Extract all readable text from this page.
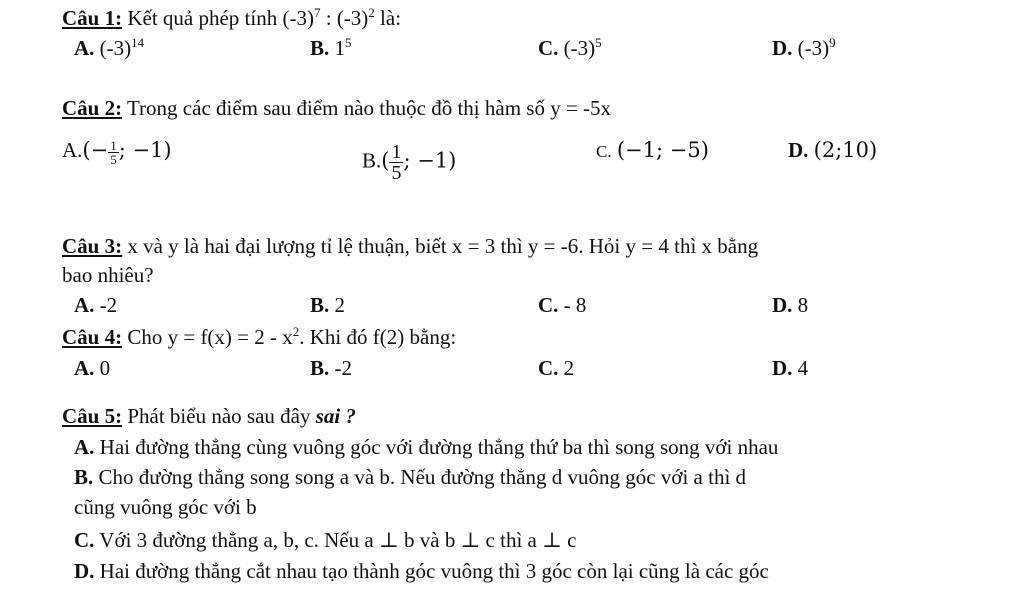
Câu 1: Kết quả phép tính $(-3)^7$ : $(-3)^2$ là:
A. $(-3)^{14}$	B. $1^5$	C. $(-3)^5$	D. $(-3)^9$
Câu 2: Trong các điểm sau điểm nào thuộc đồ thị hàm số y = -5x
$A.(- \frac{1}{5}$ ; −1)	$B.( \frac{1}{5}$ ; −1)	C. (−1; −5)	D. (2;10)
Câu 3: x và y là hai đại lượng tỉ lệ thuận, biết x = 3 thì y = -6. Hỏi y = 4 thì x bằng
bao nhiêu?
A. -2	B. 2	C. - 8	D. 8
Câu 4: Cho $y = f(x) = 2 - x^2$. Khi đó f(2) bằng:
A. 0	B. -2	C. 2	D. 4
Câu 5: Phát biểu nào sau đây sai ?
A. Hai đường thẳng cùng vuông góc với đường thẳng thứ ba thì song song với nhau
B. Cho đường thẳng song song a và b. Nếu đường thẳng d vuông góc với a thì d
cũng vuông góc với b
C. Với 3 đường thẳng a, b, c. Nếu a ⊥ b và b ⊥ c thì a ⊥ c
D. Hai đường thẳng cắt nhau tạo thành góc vuông thì 3 góc còn lại cũng là các góc
